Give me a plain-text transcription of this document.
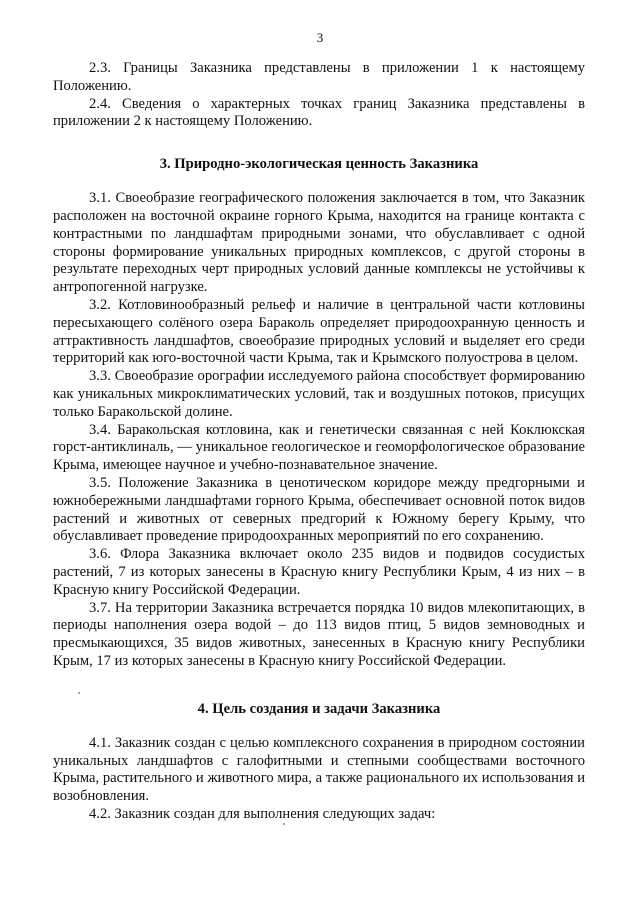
3

2.3. Границы Заказника представлены в приложении 1 к настоящему Положению.

2.4. Сведения о характерных точках границ Заказника представлены в приложении 2 к настоящему Положению.

3. Природно-экологическая ценность Заказника

3.1. Своеобразие географического положения заключается в том, что Заказник расположен на восточной окраине горного Крыма, находится на границе контакта с контрастными по ландшафтам природными зонами, что обуславливает с одной стороны формирование уникальных природных комплексов, с другой стороны в результате переходных черт природных условий данные комплексы не устойчивы к антропогенной нагрузке.

3.2. Котловинообразный рельеф и наличие в центральной части котловины пересыхающего солёного озера Бараколь определяет природоохранную ценность и аттрактивность ландшафтов, своеобразие природных условий и выделяет его среди территорий как юго-восточной части Крыма, так и Крымского полуострова в целом.

3.3. Своеобразие орографии исследуемого района способствует формированию как уникальных микроклиматических условий, так и воздушных потоков, присущих только Баракольской долине.

3.4. Баракольская котловина, как и генетически связанная с ней Коклюкская горст-антиклиналь, — уникальное геологическое и геоморфологическое образование Крыма, имеющее научное и учебно-познавательное значение.

3.5. Положение Заказника в ценотическом коридоре между предгорными и южнобережными ландшафтами горного Крыма, обеспечивает основной поток видов растений и животных от северных предгорий к Южному берегу Крыму, что обуславливает проведение природоохранных мероприятий по его сохранению.

3.6. Флора Заказника включает около 235 видов и подвидов сосудистых растений, 7 из которых занесены в Красную книгу Республики Крым, 4 из них – в Красную книгу Российской Федерации.

3.7. На территории Заказника встречается порядка 10 видов млекопитающих, в периоды наполнения озера водой – до 113 видов птиц, 5 видов земноводных и пресмыкающихся, 35 видов животных, занесенных в Красную книгу Республики Крым, 17 из которых занесены в Красную книгу Российской Федерации.

4. Цель создания и задачи Заказника

4.1. Заказник создан с целью комплексного сохранения в природном состоянии уникальных ландшафтов с галофитными и степными сообществами восточного Крыма, растительного и животного мира, а также рационального их использования и возобновления.

4.2. Заказник создан для выполнения следующих задач:
